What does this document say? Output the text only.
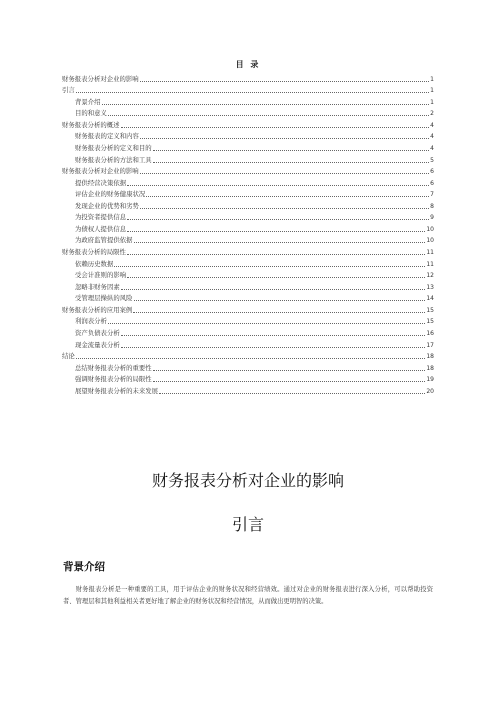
目 录
财务报表分析对企业的影响	1
引言	1
背景介绍	1
目的和意义	2
财务报表分析的概述	4
财务报表的定义和内容	4
财务报表分析的定义和目的	4
财务报表分析的方法和工具	5
财务报表分析对企业的影响	6
提供经营决策依据	6
评估企业的财务健康状况	7
发现企业的优势和劣势	8
为投资者提供信息	9
为债权人提供信息	10
为政府监管提供依据	10
财务报表分析的局限性	11
依赖历史数据	11
受会计准则的影响	12
忽略非财务因素	13
受管理层操纵的风险	14
财务报表分析的应用案例	15
利润表分析	15
资产负债表分析	16
现金流量表分析	17
结论	18
总结财务报表分析的重要性	18
强调财务报表分析的局限性	19
展望财务报表分析的未来发展	20
财务报表分析对企业的影响
引言
背景介绍
财务报表分析是一种重要的工具，用于评估企业的财务状况和经营绩效。通过对企业的财务报表进行深入分析，可以帮助投资者、管理层和其他利益相关者更好地了解企业的财务状况和经营情况，从而做出更明智的决策。
